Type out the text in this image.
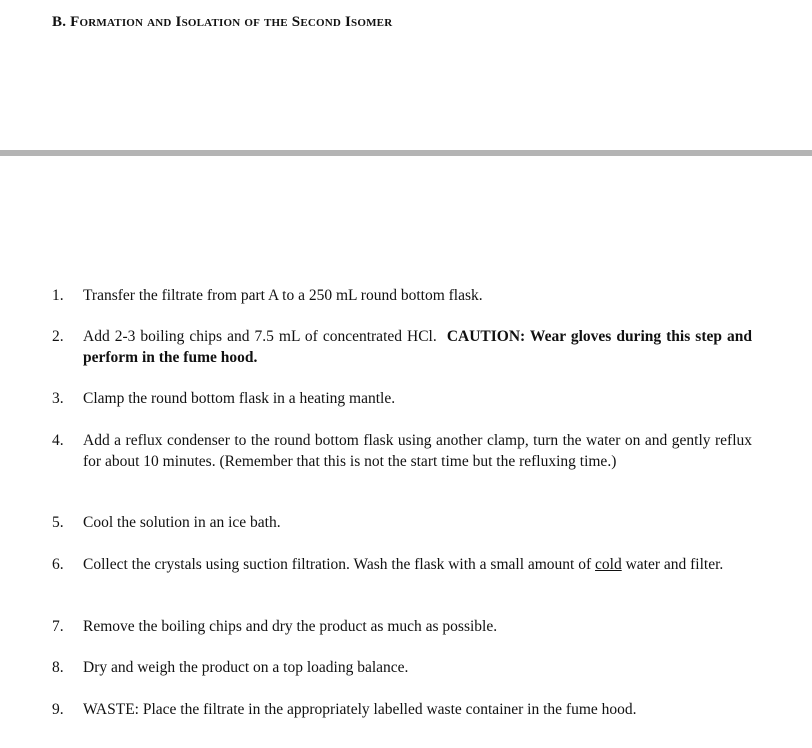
B. Formation and Isolation of the Second Isomer
1.	Transfer the filtrate from part A to a 250 mL round bottom flask.
2.	Add 2-3 boiling chips and 7.5 mL of concentrated HCl. CAUTION: Wear gloves during this step and perform in the fume hood.
3.	Clamp the round bottom flask in a heating mantle.
4.	Add a reflux condenser to the round bottom flask using another clamp, turn the water on and gently reflux for about 10 minutes. (Remember that this is not the start time but the refluxing time.)
5.	Cool the solution in an ice bath.
6.	Collect the crystals using suction filtration. Wash the flask with a small amount of cold water and filter.
7.	Remove the boiling chips and dry the product as much as possible.
8.	Dry and weigh the product on a top loading balance.
9.	WASTE: Place the filtrate in the appropriately labelled waste container in the fume hood.
